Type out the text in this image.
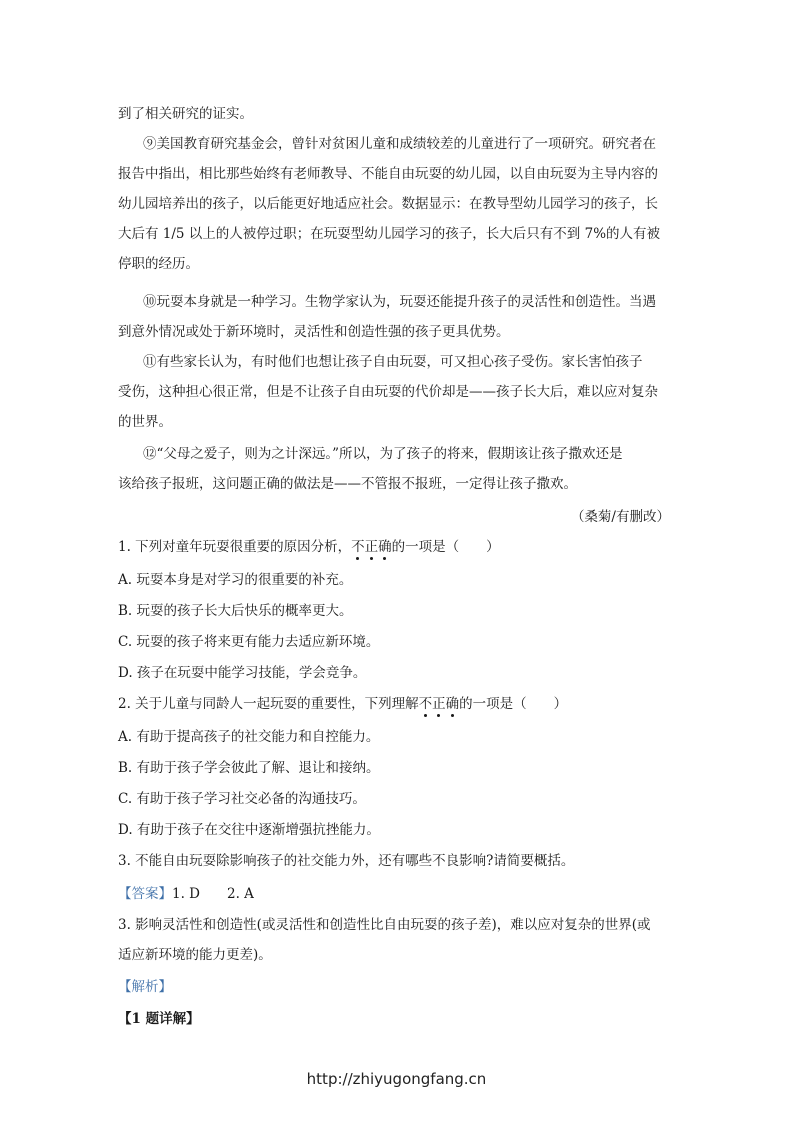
到了相关研究的证实。
⑨美国教育研究基金会，曾针对贫困儿童和成绩较差的儿童进行了一项研究。研究者在
报告中指出，相比那些始终有老师教导、不能自由玩耍的幼儿园，以自由玩耍为主导内容的
幼儿园培养出的孩子，以后能更好地适应社会。数据显示：在教导型幼儿园学习的孩子，长
大后有 1/5 以上的人被停过职；在玩耍型幼儿园学习的孩子，长大后只有不到 7%的人有被
停职的经历。
⑩玩耍本身就是一种学习。生物学家认为，玩耍还能提升孩子的灵活性和创造性。当遇
到意外情况或处于新环境时，灵活性和创造性强的孩子更具优势。
⑪有些家长认为，有时他们也想让孩子自由玩耍，可又担心孩子受伤。家长害怕孩子
受伤，这种担心很正常，但是不让孩子自由玩耍的代价却是——孩子长大后，难以应对复杂
的世界。
⑫“父母之爱子，则为之计深远。”所以，为了孩子的将来，假期该让孩子撒欢还是
该给孩子报班，这问题正确的做法是——不管报不报班，一定得让孩子撒欢。
（桑菊/有删改）
1. 下列对童年玩耍很重要的原因分析，不正确的一项是（　　）
A. 玩耍本身是对学习的很重要的补充。
B. 玩耍的孩子长大后快乐的概率更大。
C. 玩耍的孩子将来更有能力去适应新环境。
D. 孩子在玩耍中能学习技能，学会竞争。
2. 关于儿童与同龄人一起玩耍的重要性，下列理解不正确的一项是（　　）
A. 有助于提高孩子的社交能力和自控能力。
B. 有助于孩子学会彼此了解、退让和接纳。
C. 有助于孩子学习社交必备的沟通技巧。
D. 有助于孩子在交往中逐渐增强抗挫能力。
3. 不能自由玩耍除影响孩子的社交能力外，还有哪些不良影响?请简要概括。
【答案】1. D　　2. A
3. 影响灵活性和创造性(或灵活性和创造性比自由玩耍的孩子差)，难以应对复杂的世界(或
适应新环境的能力更差)。
【解析】
【1 题详解】
http://zhiyugongfang.cn
